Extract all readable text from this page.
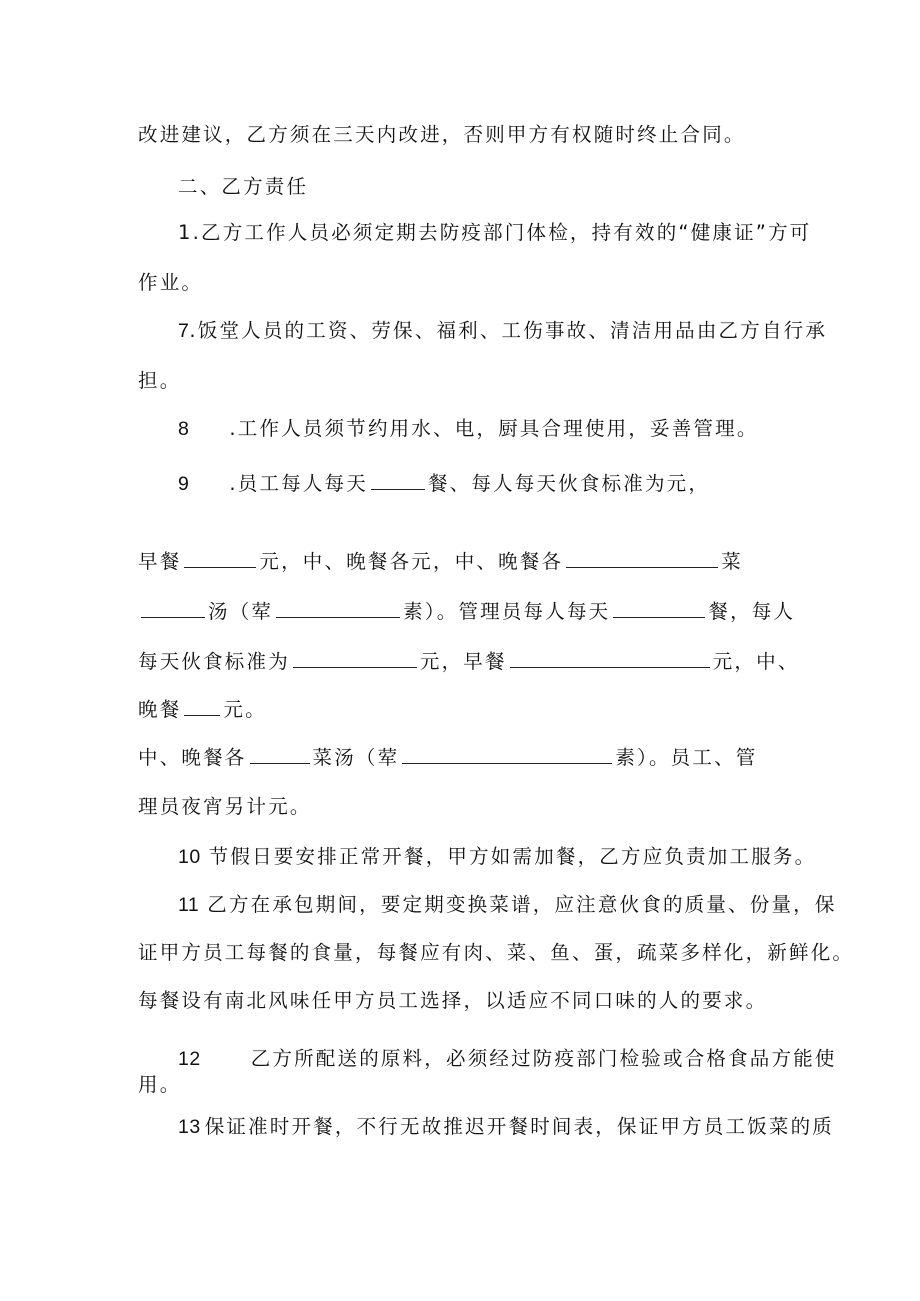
改进建议，乙方须在三天内改进，否则甲方有权随时终止合同。
二、乙方责任
1.乙方工作人员必须定期去防疫部门体检，持有效的“健康证”方可
作业。
7.饭堂人员的工资、劳保、福利、工伤事故、清洁用品由乙方自行承
担。
8 .工作人员须节约用水、电，厨具合理使用，妥善管理。
9 .员工每人每天	餐、每人每天伙食标准为元，
早餐	元，中、晚餐各元，中、晚餐各	菜
汤（荤	素）。管理员每人每天	餐，每人
每天伙食标准为	元，早餐	元，中、
晚餐 元。
中、晚餐各	菜汤（荤	素）。员工、管
理员夜宵另计元。
10 节假日要安排正常开餐，甲方如需加餐，乙方应负责加工服务。
11 乙方在承包期间，要定期变换菜谱，应注意伙食的质量、份量，保
证甲方员工每餐的食量，每餐应有肉、菜、鱼、蛋，疏菜多样化，新鲜化。
每餐设有南北风味任甲方员工选择，以适应不同口味的人的要求。
12	乙方所配送的原料，必须经过防疫部门检验或合格食品方能使
用。
13 保证准时开餐，不行无故推迟开餐时间表，保证甲方员工饭菜的质
